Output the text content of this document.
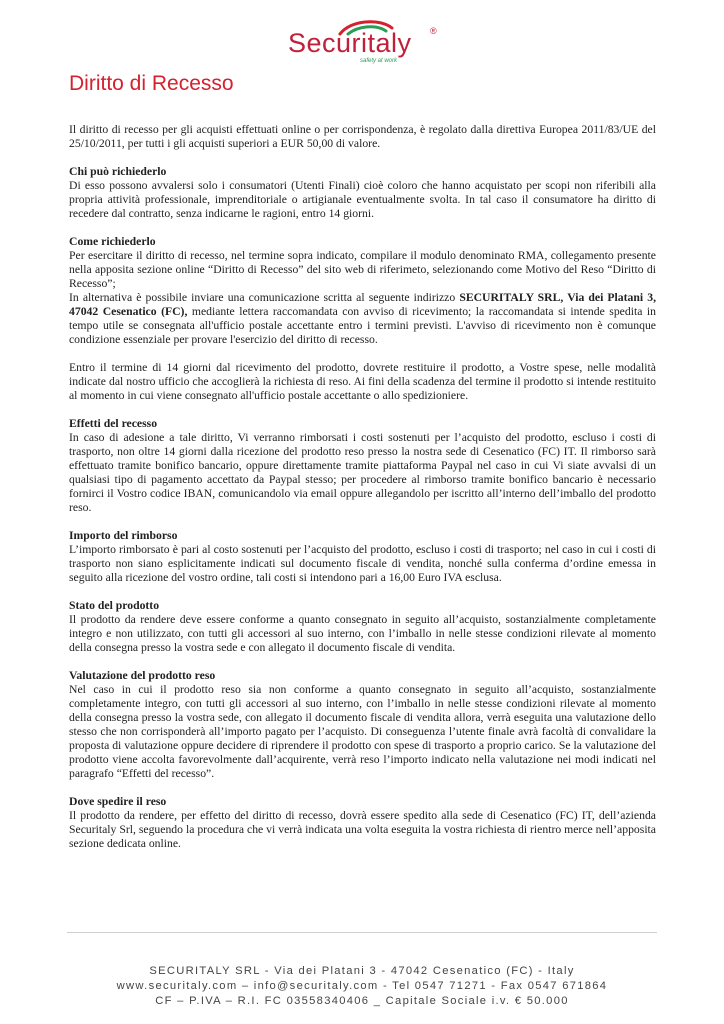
Securitaly ®
safety at work
Diritto di Recesso

Il diritto di recesso per gli acquisti effettuati online o per corrispondenza, è regolato dalla direttiva Europea 2011/83/UE del 25/10/2011, per tutti i gli acquisti superiori a EUR 50,00 di valore.

Chi può richiederlo

Di esso possono avvalersi solo i consumatori (Utenti Finali) cioè coloro che hanno acquistato per scopi non riferibili alla propria attività professionale, imprenditoriale o artigianale eventualmente svolta. In tal caso il consumatore ha diritto di recedere dal contratto, senza indicarne le ragioni, entro 14 giorni.

Come richiederlo

Per esercitare il diritto di recesso, nel termine sopra indicato, compilare il modulo denominato RMA, collegamento presente nella apposita sezione online “Diritto di Recesso” del sito web di riferimeto, selezionando come Motivo del Reso “Diritto di Recesso”;

In alternativa è possibile inviare una comunicazione scritta al seguente indirizzo SECURITALY SRL, Via dei Platani 3, 47042 Cesenatico (FC), mediante lettera raccomandata con avviso di ricevimento; la raccomandata si intende spedita in tempo utile se consegnata all'ufficio postale accettante entro i termini previsti. L'avviso di ricevimento non è comunque condizione essenziale per provare l'esercizio del diritto di recesso.

Entro il termine di 14 giorni dal ricevimento del prodotto, dovrete restituire il prodotto, a Vostre spese, nelle modalità indicate dal nostro ufficio che accoglierà la richiesta di reso. Ai fini della scadenza del termine il prodotto si intende restituito al momento in cui viene consegnato all'ufficio postale accettante o allo spedizioniere.

Effetti del recesso

In caso di adesione a tale diritto, Vi verranno rimborsati i costi sostenuti per l’acquisto del prodotto, escluso i costi di trasporto, non oltre 14 giorni dalla ricezione del prodotto reso presso la nostra sede di Cesenatico (FC) IT. Il rimborso sarà effettuato tramite bonifico bancario, oppure direttamente tramite piattaforma Paypal nel caso in cui Vi siate avvalsi di un qualsiasi tipo di pagamento accettato da Paypal stesso; per procedere al rimborso tramite bonifico bancario è necessario fornirci il Vostro codice IBAN, comunicandolo via email oppure allegandolo per iscritto all’interno dell’imballo del prodotto reso.

Importo del rimborso

L’importo rimborsato è pari al costo sostenuti per l’acquisto del prodotto, escluso i costi di trasporto; nel caso in cui i costi di trasporto non siano esplicitamente indicati sul documento fiscale di vendita, nonché sulla conferma d’ordine emessa in seguito alla ricezione del vostro ordine, tali costi si intendono pari a 16,00 Euro IVA esclusa.

Stato del prodotto

Il prodotto da rendere deve essere conforme a quanto consegnato in seguito all’acquisto, sostanzialmente completamente integro e non utilizzato, con tutti gli accessori al suo interno, con l’imballo in nelle stesse condizioni rilevate al momento della consegna presso la vostra sede e con allegato il documento fiscale di vendita.

Valutazione del prodotto reso

Nel caso in cui il prodotto reso sia non conforme a quanto consegnato in seguito all’acquisto, sostanzialmente completamente integro, con tutti gli accessori al suo interno, con l’imballo in nelle stesse condizioni rilevate al momento della consegna presso la vostra sede, con allegato il documento fiscale di vendita allora, verrà eseguita una valutazione dello stesso che non corrisponderà all’importo pagato per l’acquisto. Di conseguenza l’utente finale avrà facoltà di convalidare la proposta di valutazione oppure decidere di riprendere il prodotto con spese di trasporto a proprio carico. Se la valutazione del prodotto viene accolta favorevolmente dall’acquirente, verrà reso l’importo indicato nella valutazione nei modi indicati nel paragrafo “Effetti del recesso”.

Dove spedire il reso

Il prodotto da rendere, per effetto del diritto di recesso, dovrà essere spedito alla sede di Cesenatico (FC) IT, dell’azienda Securitaly Srl, seguendo la procedura che vi verrà indicata una volta eseguita la vostra richiesta di rientro merce nell’apposita sezione dedicata online.

SECURITALY SRL - Via dei Platani 3 - 47042 Cesenatico (FC) - Italy
www.securitaly.com – info@securitaly.com - Tel 0547 71271 - Fax 0547 671864
CF – P.IVA – R.I. FC 03558340406 _ Capitale Sociale i.v. € 50.000
